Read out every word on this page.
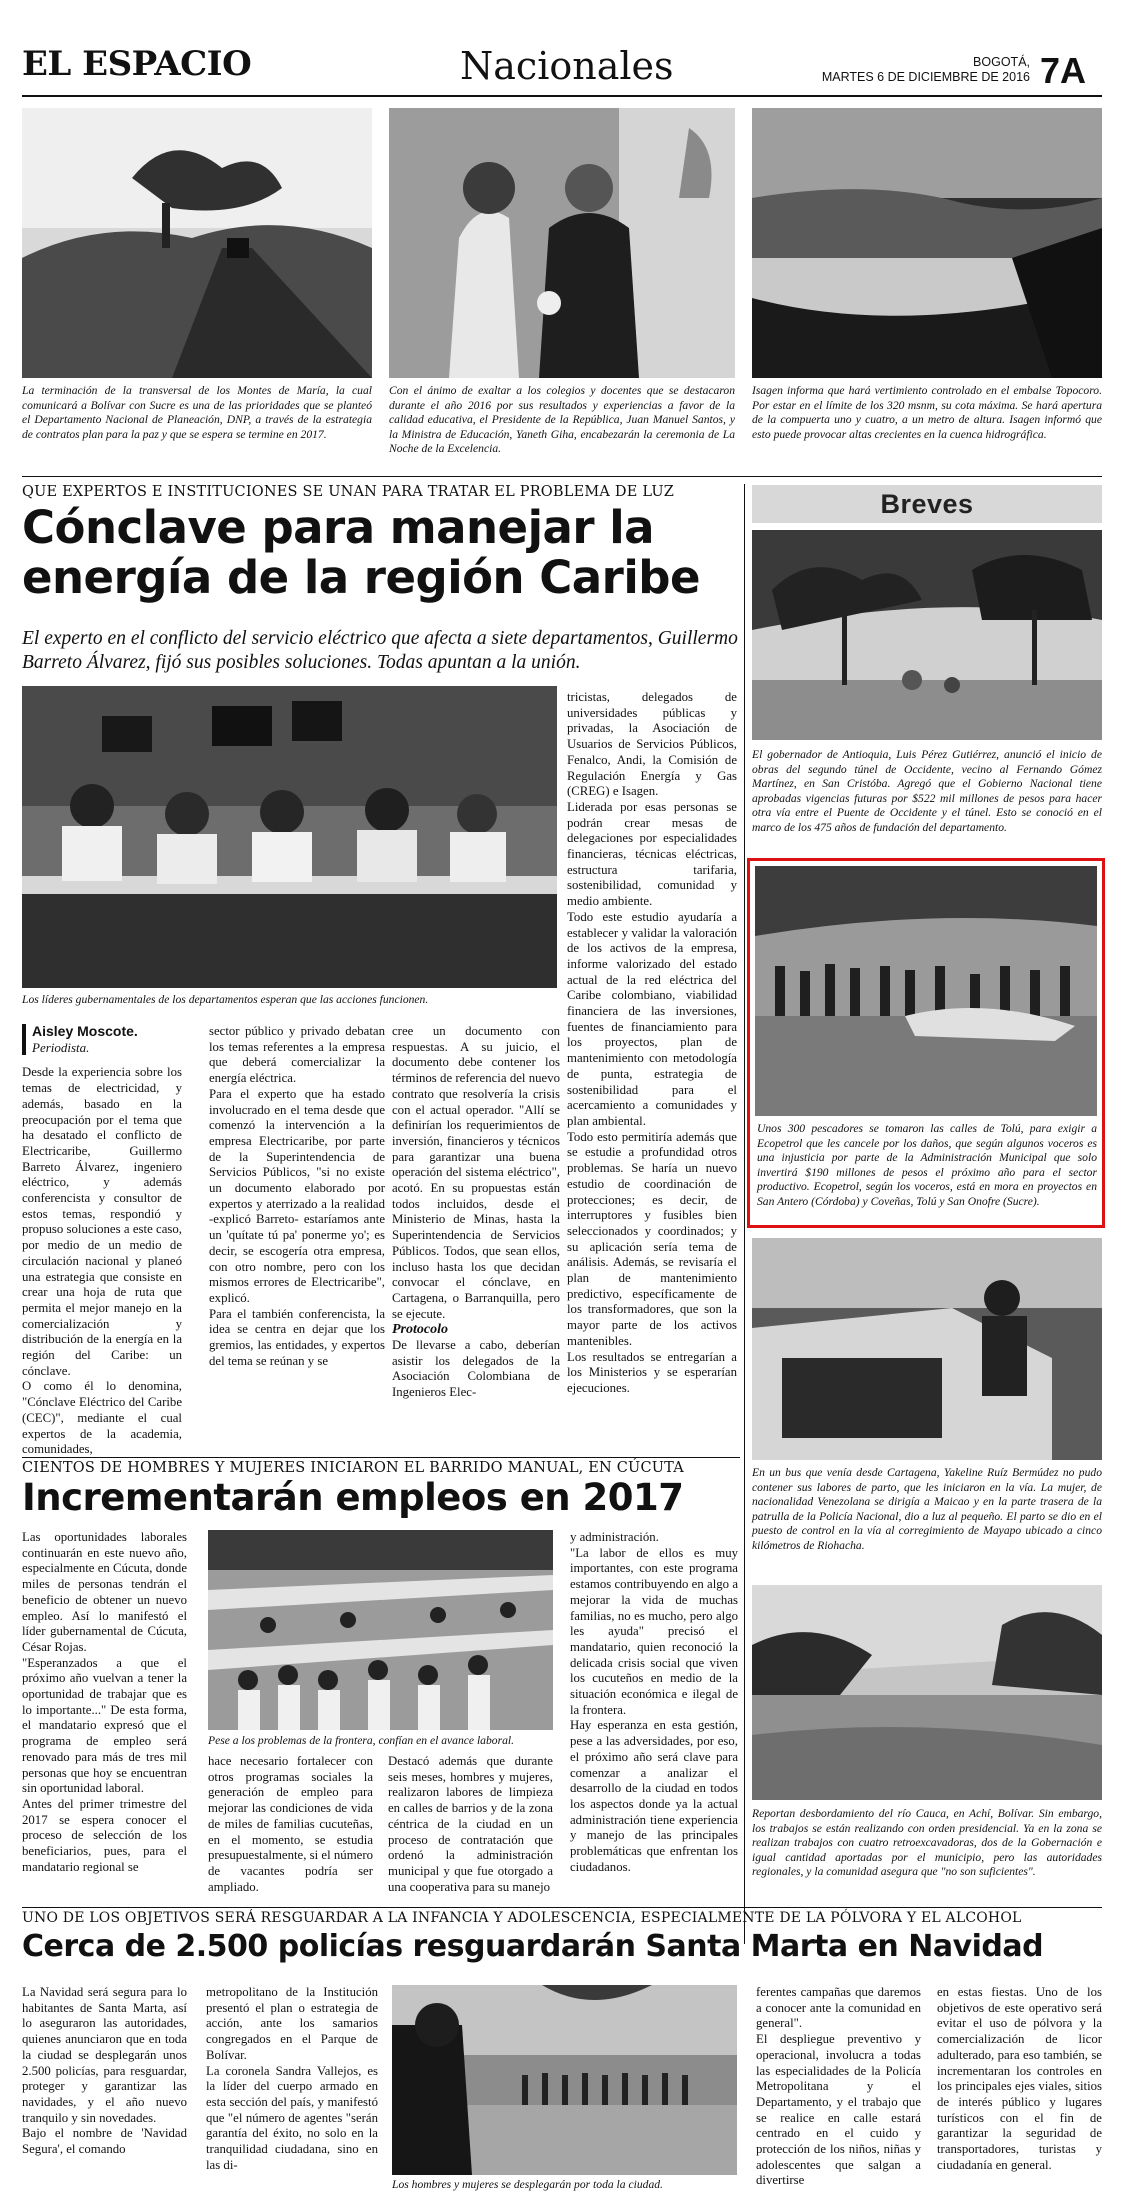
EL ESPACIO	Nacionales	BOGOTÁ,
MARTES 6 DE DICIEMBRE DE 2016 7A
La terminación de la transversal de los Montes de María, la cual comunicará a Bolívar con Sucre es una de las prioridades que se planteó el Departamento Nacional de Planeación, DNP, a través de la estrategia de contratos plan para la paz y que se espera se termine en 2017.
Con el ánimo de exaltar a los colegios y docentes que se destacaron durante el año 2016 por sus resultados y experiencias a favor de la calidad educativa, el Presidente de la República, Juan Manuel Santos, y la Ministra de Educación, Yaneth Giha, encabezarán la ceremonia de La Noche de la Excelencia.
Isagen informa que hará vertimiento controlado en el embalse Topocoro. Por estar en el límite de los 320 msnm, su cota máxima. Se hará apertura de la compuerta uno y cuatro, a un metro de altura. Isagen informó que esto puede provocar altas crecientes en la cuenca hidrográfica.
QUE EXPERTOS E INSTITUCIONES SE UNAN PARA TRATAR EL PROBLEMA DE LUZ
Cónclave para manejar la
energía de la región Caribe
El experto en el conflicto del servicio eléctrico que afecta a siete departamentos, Guillermo Barreto Álvarez, fijó sus posibles soluciones. Todas apuntan a la unión.
Los líderes gubernamentales de los departamentos esperan que las acciones funcionen.
Aisley Moscote.
Periodista.

Desde la experiencia sobre los temas de electricidad, y además, basado en la preocupación por el tema que ha desatado el conflicto de Electricaribe, Guillermo Barreto Álvarez, ingeniero eléctrico, y además conferencista y consultor de estos temas, respondió y propuso soluciones a este caso, por medio de un medio de circulación nacional y planeó una estrategia que consiste en crear una hoja de ruta que permita el mejor manejo en la comercialización y distribución de la energía en la región del Caribe: un cónclave.

O como él lo denomina, "Cónclave Eléctrico del Caribe (CEC)", mediante el cual expertos de la academia, comunidades,

sector público y privado debatan los temas referentes a la empresa que deberá comercializar la energía eléctrica.

Para el experto que ha estado involucrado en el tema desde que comenzó la intervención a la empresa Electricaribe, por parte de la Superintendencia de Servicios Públicos, "si no existe un documento elaborado por expertos y aterrizado a la realidad -explicó Barreto- estaríamos ante un 'quítate tú pa' ponerme yo'; es decir, se escogería otra empresa, con otro nombre, pero con los mismos errores de Electricaribe", explicó.

Para el también conferencista, la idea se centra en dejar que los gremios, las entidades, y expertos del tema se reúnan y se

cree un documento con respuestas. A su juicio, el documento debe contener los términos de referencia del nuevo contrato que resolvería la crisis con el actual operador. "Allí se definirían los requerimientos de inversión, financieros y técnicos para garantizar una buena operación del sistema eléctrico", acotó. En su propuestas están todos incluidos, desde el Ministerio de Minas, hasta la Superintendencia de Servicios Públicos. Todos, que sean ellos, incluso hasta los que decidan convocar el cónclave, en Cartagena, o Barranquilla, pero se ejecute.

Protocolo

De llevarse a cabo, deberían asistir los delegados de la Asociación Colombiana de Ingenieros Elec-

tricistas, delegados de universidades públicas y privadas, la Asociación de Usuarios de Servicios Públicos, Fenalco, Andi, la Comisión de Regulación Energía y Gas (CREG) e Isagen.

Liderada por esas personas se podrán crear mesas de delegaciones por especialidades financieras, técnicas eléctricas, estructura tarifaria, sostenibilidad, comunidad y medio ambiente.

Todo este estudio ayudaría a establecer y validar la valoración de los activos de la empresa, informe valorizado del estado actual de la red eléctrica del Caribe colombiano, viabilidad financiera de las inversiones, fuentes de financiamiento para los proyectos, plan de mantenimiento con metodología de punta, estrategia de sostenibilidad para el acercamiento a comunidades y plan ambiental.

Todo esto permitiría además que se estudie a profundidad otros problemas. Se haría un nuevo estudio de coordinación de protecciones; es decir, de interruptores y fusibles bien seleccionados y coordinados; y su aplicación sería tema de análisis. Además, se revisaría el plan de mantenimiento predictivo, específicamente de los transformadores, que son la mayor parte de los activos mantenibles.

Los resultados se entregarían a los Ministerios y se esperarían ejecuciones.

Breves
El gobernador de Antioquia, Luis Pérez Gutiérrez, anunció el inicio de obras del segundo túnel de Occidente, vecino al Fernando Gómez Martínez, en San Cristóba. Agregó que el Gobierno Nacional tiene aprobadas vigencias futuras por $522 mil millones de pesos para hacer otra vía entre el Puente de Occidente y el túnel. Esto se conoció en el marco de los 475 años de fundación del departamento.
Unos 300 pescadores se tomaron las calles de Tolú, para exigir a Ecopetrol que les cancele por los daños, que según algunos voceros es una injusticia por parte de la Administración Municipal que solo invertirá $190 millones de pesos el próximo año para el sector productivo. Ecopetrol, según los voceros, está en mora en proyectos en San Antero (Córdoba) y Coveñas, Tolú y San Onofre (Sucre).
En un bus que venía desde Cartagena, Yakeline Ruíz Bermúdez no pudo contener sus labores de parto, que les iniciaron en la vía. La mujer, de nacionalidad Venezolana se dirigía a Maicao y en la parte trasera de la patrulla de la Policía Nacional, dio a luz al pequeño. El parto se dio en el puesto de control en la vía al corregimiento de Mayapo ubicado a cinco kilómetros de Riohacha.
Reportan desbordamiento del río Cauca, en Achí, Bolívar. Sin embargo, los trabajos se están realizando con orden presidencial. Ya en la zona se realizan trabajos con cuatro retroexcavadoras, dos de la Gobernación e igual cantidad aportadas por el municipio, pero las autoridades regionales, y la comunidad asegura que "no son suficientes".
CIENTOS DE HOMBRES Y MUJERES INICIARON EL BARRIDO MANUAL, EN CÚCUTA
Incrementarán empleos en 2017

Las oportunidades laborales continuarán en este nuevo año, especialmente en Cúcuta, donde miles de personas tendrán el beneficio de obtener un nuevo empleo. Así lo manifestó el líder gubernamental de Cúcuta, César Rojas.

"Esperanzados a que el próximo año vuelvan a tener la oportunidad de trabajar que es lo importante..." De esta forma, el mandatario expresó que el programa de empleo será renovado para más de tres mil personas que hoy se encuentran sin oportunidad laboral.

Antes del primer trimestre del 2017 se espera conocer el proceso de selección de los beneficiarios, pues, para el mandatario regional se

Pese a los problemas de la frontera, confían en el avance laboral.

hace necesario fortalecer con otros programas sociales la generación de empleo para mejorar las condiciones de vida de miles de familias cucuteñas, en el momento, se estudia presupuestalmente, si el número de vacantes podría ser ampliado.

Destacó además que durante seis meses, hombres y mujeres, realizaron labores de limpieza en calles de barrios y de la zona céntrica de la ciudad en un proceso de contratación que ordenó la administración municipal y que fue otorgado a una cooperativa para su manejo

y administración.

"La labor de ellos es muy importantes, con este programa estamos contribuyendo en algo a mejorar la vida de muchas familias, no es mucho, pero algo les ayuda" precisó el mandatario, quien reconoció la delicada crisis social que viven los cucuteños en medio de la situación económica e ilegal de la frontera.

Hay esperanza en esta gestión, pese a las adversidades, por eso, el próximo año será clave para comenzar a analizar el desarrollo de la ciudad en todos los aspectos donde ya la actual administración tiene experiencia y manejo de las principales problemáticas que enfrentan los ciudadanos.

UNO DE LOS OBJETIVOS SERÁ RESGUARDAR A LA INFANCIA Y ADOLESCENCIA, ESPECIALMENTE DE LA PÓLVORA Y EL ALCOHOL
Cerca de 2.500 policías resguardarán Santa Marta en Navidad

La Navidad será segura para lo habitantes de Santa Marta, así lo aseguraron las autoridades, quienes anunciaron que en toda la ciudad se desplegarán unos 2.500 policías, para resguardar, proteger y garantizar las navidades, y el año nuevo tranquilo y sin novedades.

Bajo el nombre de 'Navidad Segura', el comando

metropolitano de la Institución presentó el plan o estrategia de acción, ante los samarios congregados en el Parque de Bolívar.

La coronela Sandra Vallejos, es la líder del cuerpo armado en esta sección del país, y manifestó que "el número de agentes "serán garantía del éxito, no solo en la tranquilidad ciudadana, sino en las di-

Los hombres y mujeres se desplegarán por toda la ciudad.

ferentes campañas que daremos a conocer ante la comunidad en general".

El despliegue preventivo y operacional, involucra a todas las especialidades de la Policía Metropolitana y el Departamento, y el trabajo que se realice en calle estará centrado en el cuido y protección de los niños, niñas y adolescentes que salgan a divertirse

en estas fiestas. Uno de los objetivos de este operativo será evitar el uso de pólvora y la comercialización de licor adulterado, para eso también, se incrementaran los controles en los principales ejes viales, sitios de interés público y lugares turísticos con el fin de garantizar la seguridad de transportadores, turistas y ciudadanía en general.
